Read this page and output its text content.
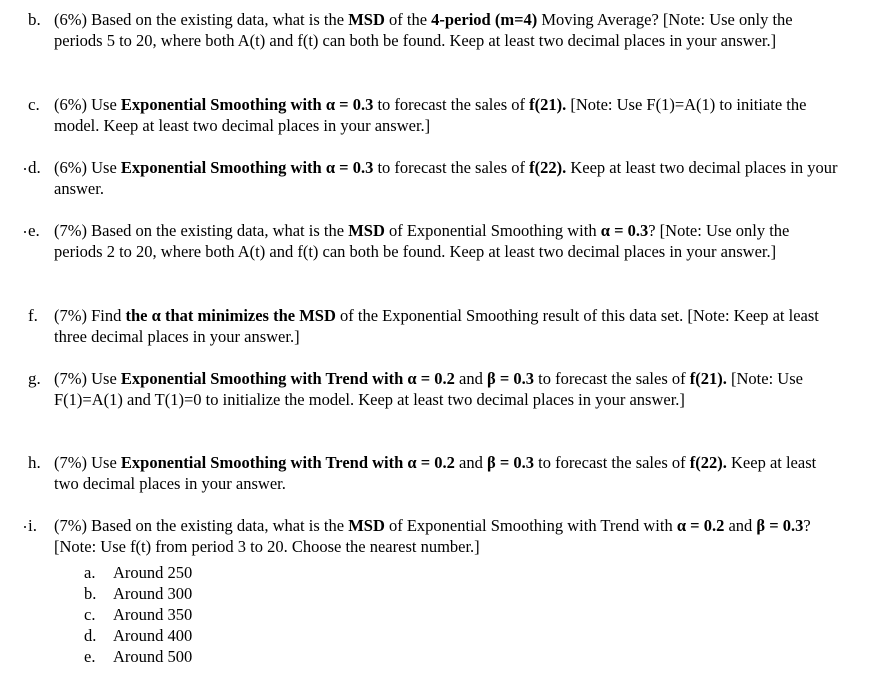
b. (6%) Based on the existing data, what is the MSD of the 4-period (m=4) Moving Average? [Note: Use only the periods 5 to 20, where both A(t) and f(t) can both be found. Keep at least two decimal places in your answer.]

c. (6%) Use Exponential Smoothing with α = 0.3 to forecast the sales of f(21). [Note: Use F(1)=A(1) to initiate the model. Keep at least two decimal places in your answer.]

d. (6%) Use Exponential Smoothing with α = 0.3 to forecast the sales of f(22). Keep at least two decimal places in your answer.

e. (7%) Based on the existing data, what is the MSD of Exponential Smoothing with α = 0.3? [Note: Use only the periods 2 to 20, where both A(t) and f(t) can both be found. Keep at least two decimal places in your answer.]

f. (7%) Find the α that minimizes the MSD of the Exponential Smoothing result of this data set. [Note: Keep at least three decimal places in your answer.]

g. (7%) Use Exponential Smoothing with Trend with α = 0.2 and β = 0.3 to forecast the sales of f(21). [Note: Use F(1)=A(1) and T(1)=0 to initialize the model. Keep at least two decimal places in your answer.]

h. (7%) Use Exponential Smoothing with Trend with α = 0.2 and β = 0.3 to forecast the sales of f(22). Keep at least two decimal places in your answer.

i. (7%) Based on the existing data, what is the MSD of Exponential Smoothing with Trend with α = 0.2 and β = 0.3? [Note: Use f(t) from period 3 to 20. Choose the nearest number.]

a.	Around 250
b.	Around 300
c.	Around 350
d.	Around 400
e.	Around 500
